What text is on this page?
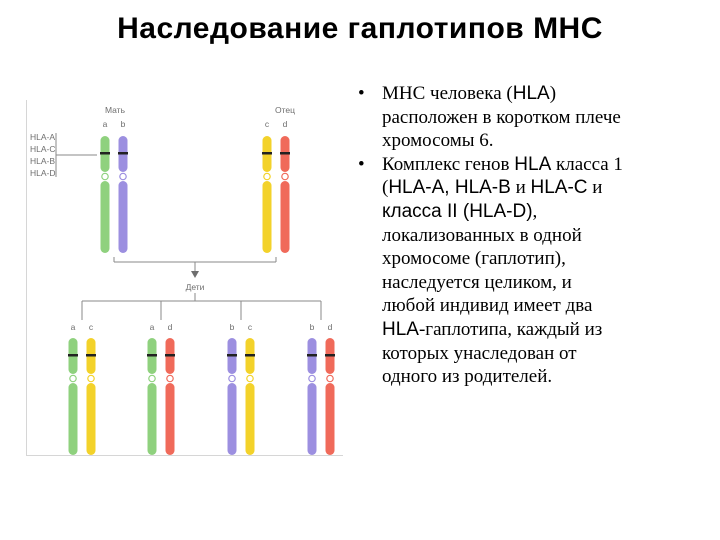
Наследование гаплотипов МНС
Мать	Отец
HLA-A
HLA-C
HLA-B
HLA-D
a b	c d
Дети
a c	a d	b c	b d
• МНС человека (HLA)
расположен в коротком плече
хромосомы 6.
• Комплекс генов HLA класса 1
(HLA-A, HLA-B и HLA-C и
класса II (HLA-D),
локализованных в одной
хромосоме (гаплотип),
наследуется целиком, и
любой индивид имеет два
HLA-гаплотипа, каждый из
которых унаследован от
одного из родителей.
